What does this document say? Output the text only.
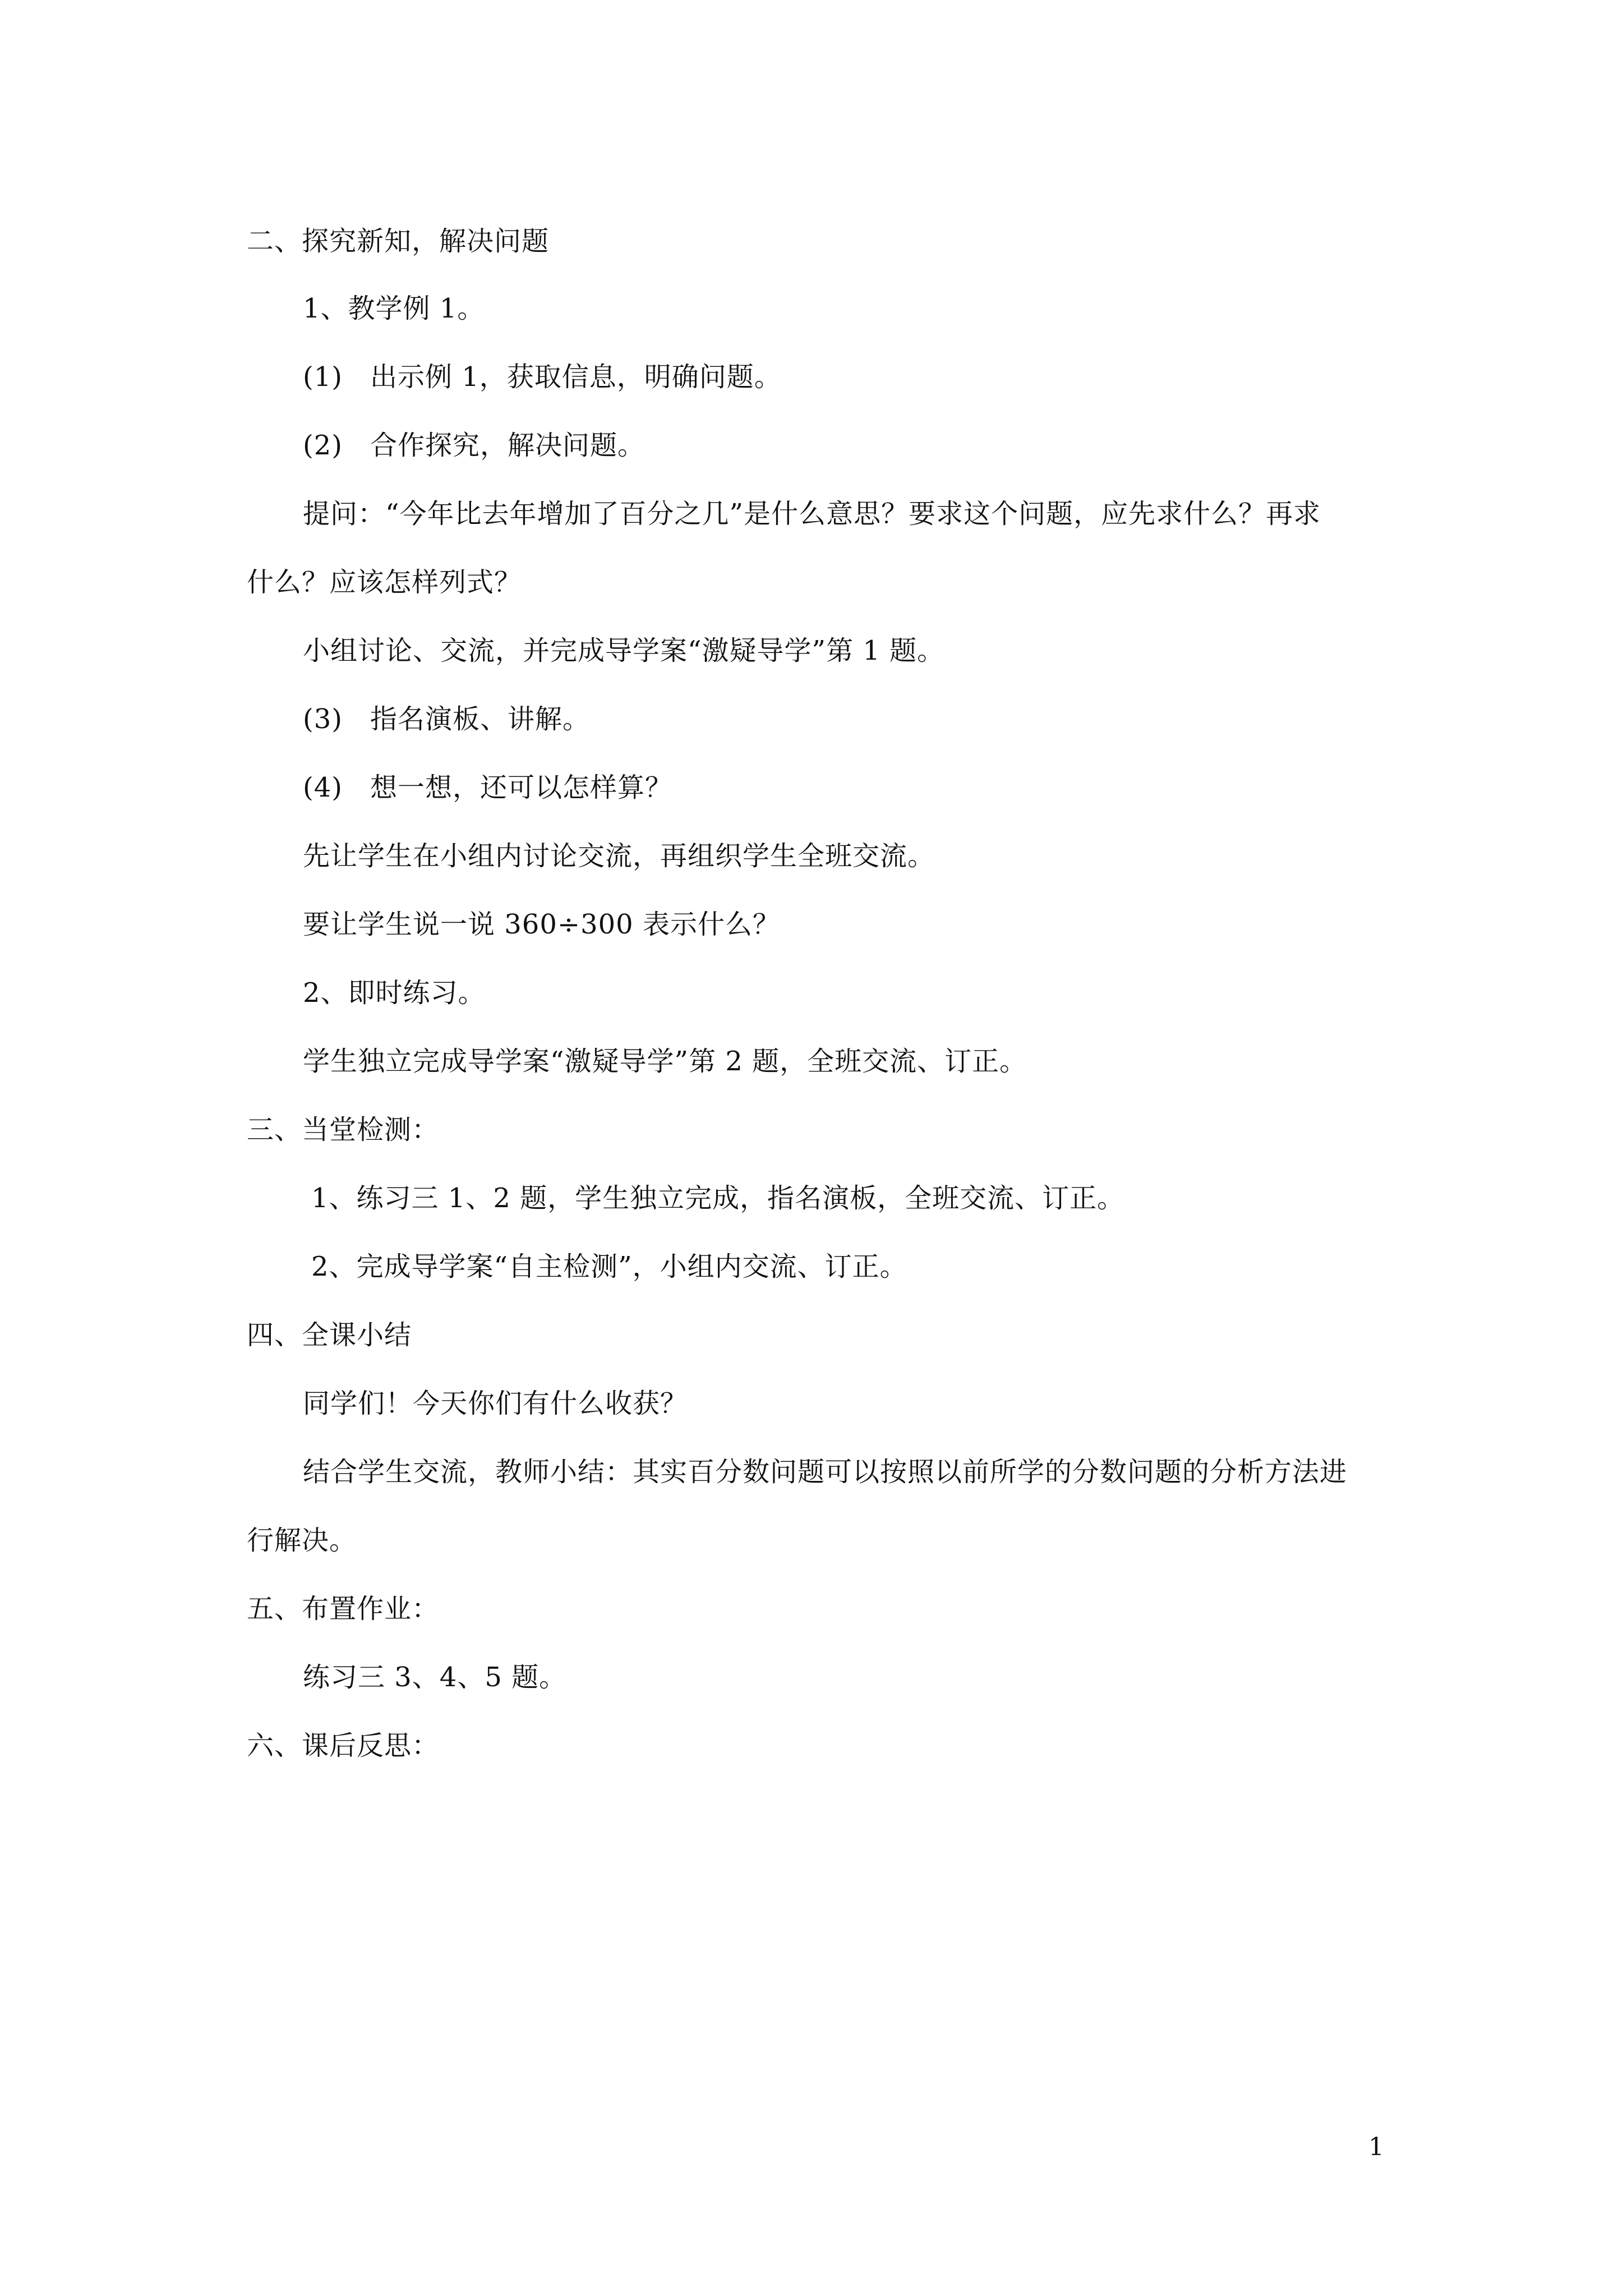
二、探究新知，解决问题
1、教学例 1。
(1)　出示例 1，获取信息，明确问题。
(2)　合作探究，解决问题。
提问：“今年比去年增加了百分之几”是什么意思？要求这个问题，应先求什么？再求
什么？应该怎样列式？
小组讨论、交流，并完成导学案“激疑导学”第 1 题。
(3)　指名演板、讲解。
(4)　想一想，还可以怎样算？
先让学生在小组内讨论交流，再组织学生全班交流。
要让学生说一说 360÷300 表示什么？
2、即时练习。
学生独立完成导学案“激疑导学”第 2 题，全班交流、订正。
三、当堂检测：
1、练习三 1、2 题，学生独立完成，指名演板，全班交流、订正。
2、完成导学案“自主检测”，小组内交流、订正。
四、全课小结
同学们！今天你们有什么收获？
结合学生交流，教师小结：其实百分数问题可以按照以前所学的分数问题的分析方法进
行解决。
五、布置作业：
练习三 3、4、5 题。
六、课后反思：
1
